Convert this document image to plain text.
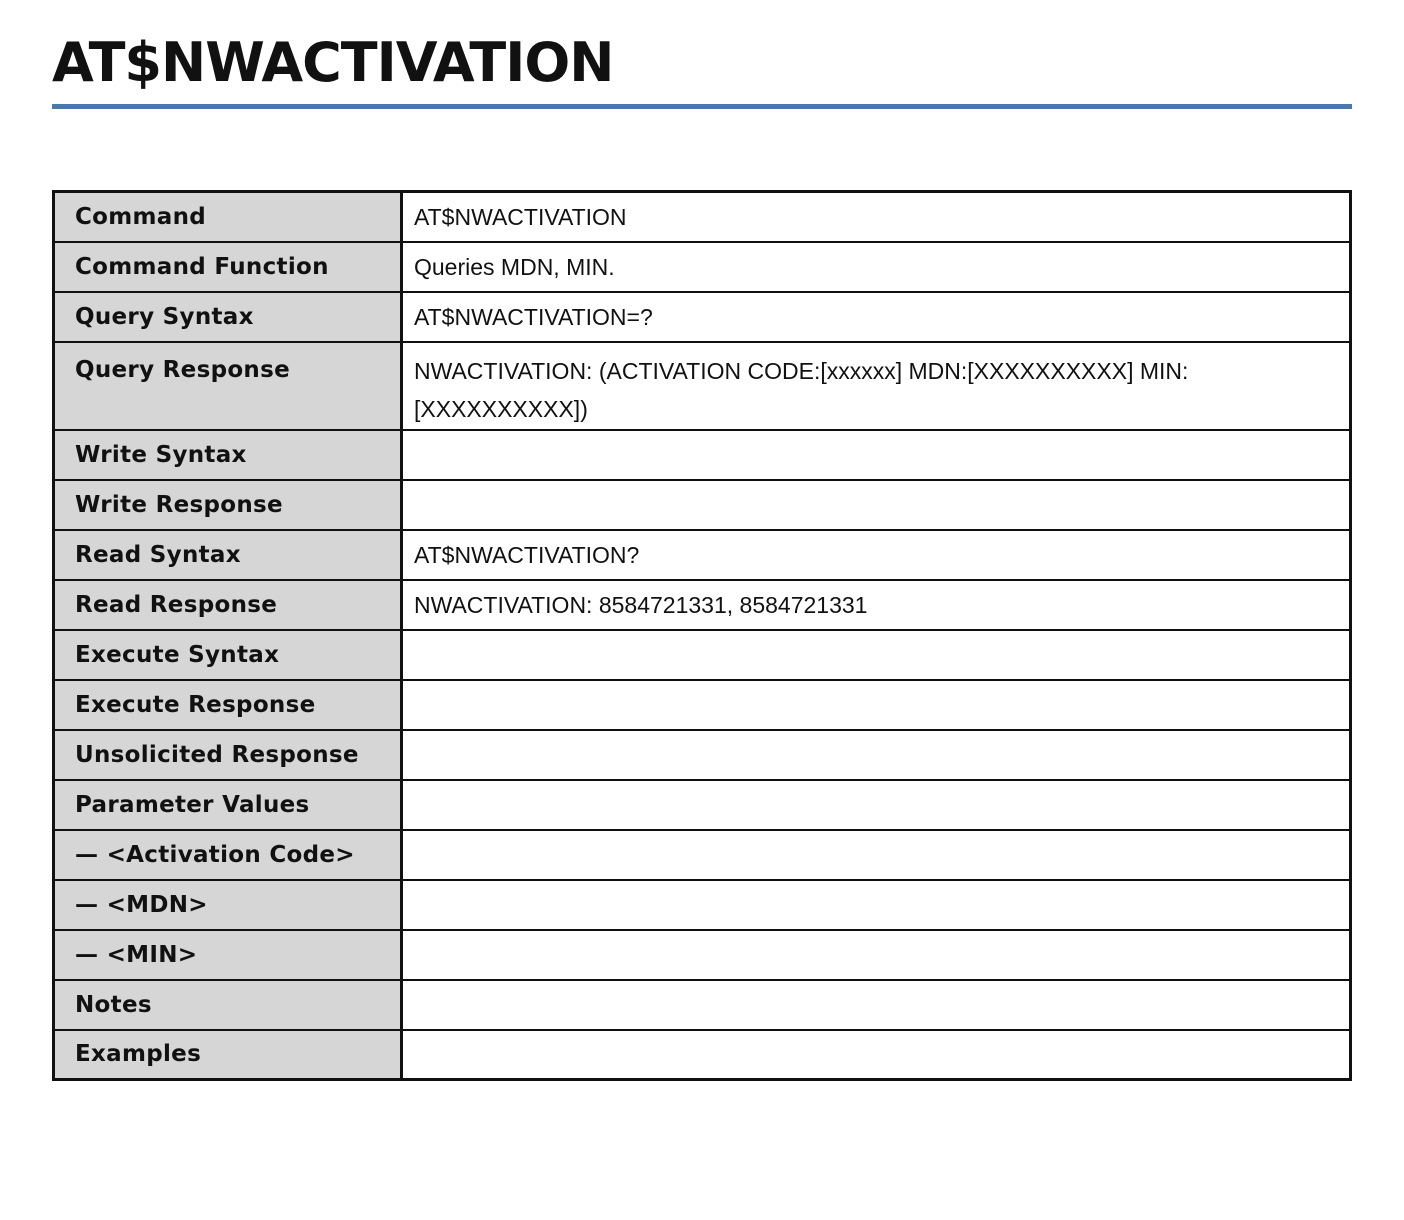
AT$NWACTIVATION
Command	AT$NWACTIVATION
Command Function	Queries MDN, MIN.
Query Syntax	AT$NWACTIVATION=?
Query Response	NWACTIVATION: (ACTIVATION CODE:[xxxxxx] MDN:[XXXXXXXXXX] MIN:
[XXXXXXXXXX])

Write Syntax	
Write Response	
Read Syntax	AT$NWACTIVATION?
Read Response	NWACTIVATION: 8584721331, 8584721331
Execute Syntax	
Execute Response	
Unsolicited Response	
Parameter Values	
— <Activation Code>	
— <MDN>	
— <MIN>	
Notes	
Examples	
